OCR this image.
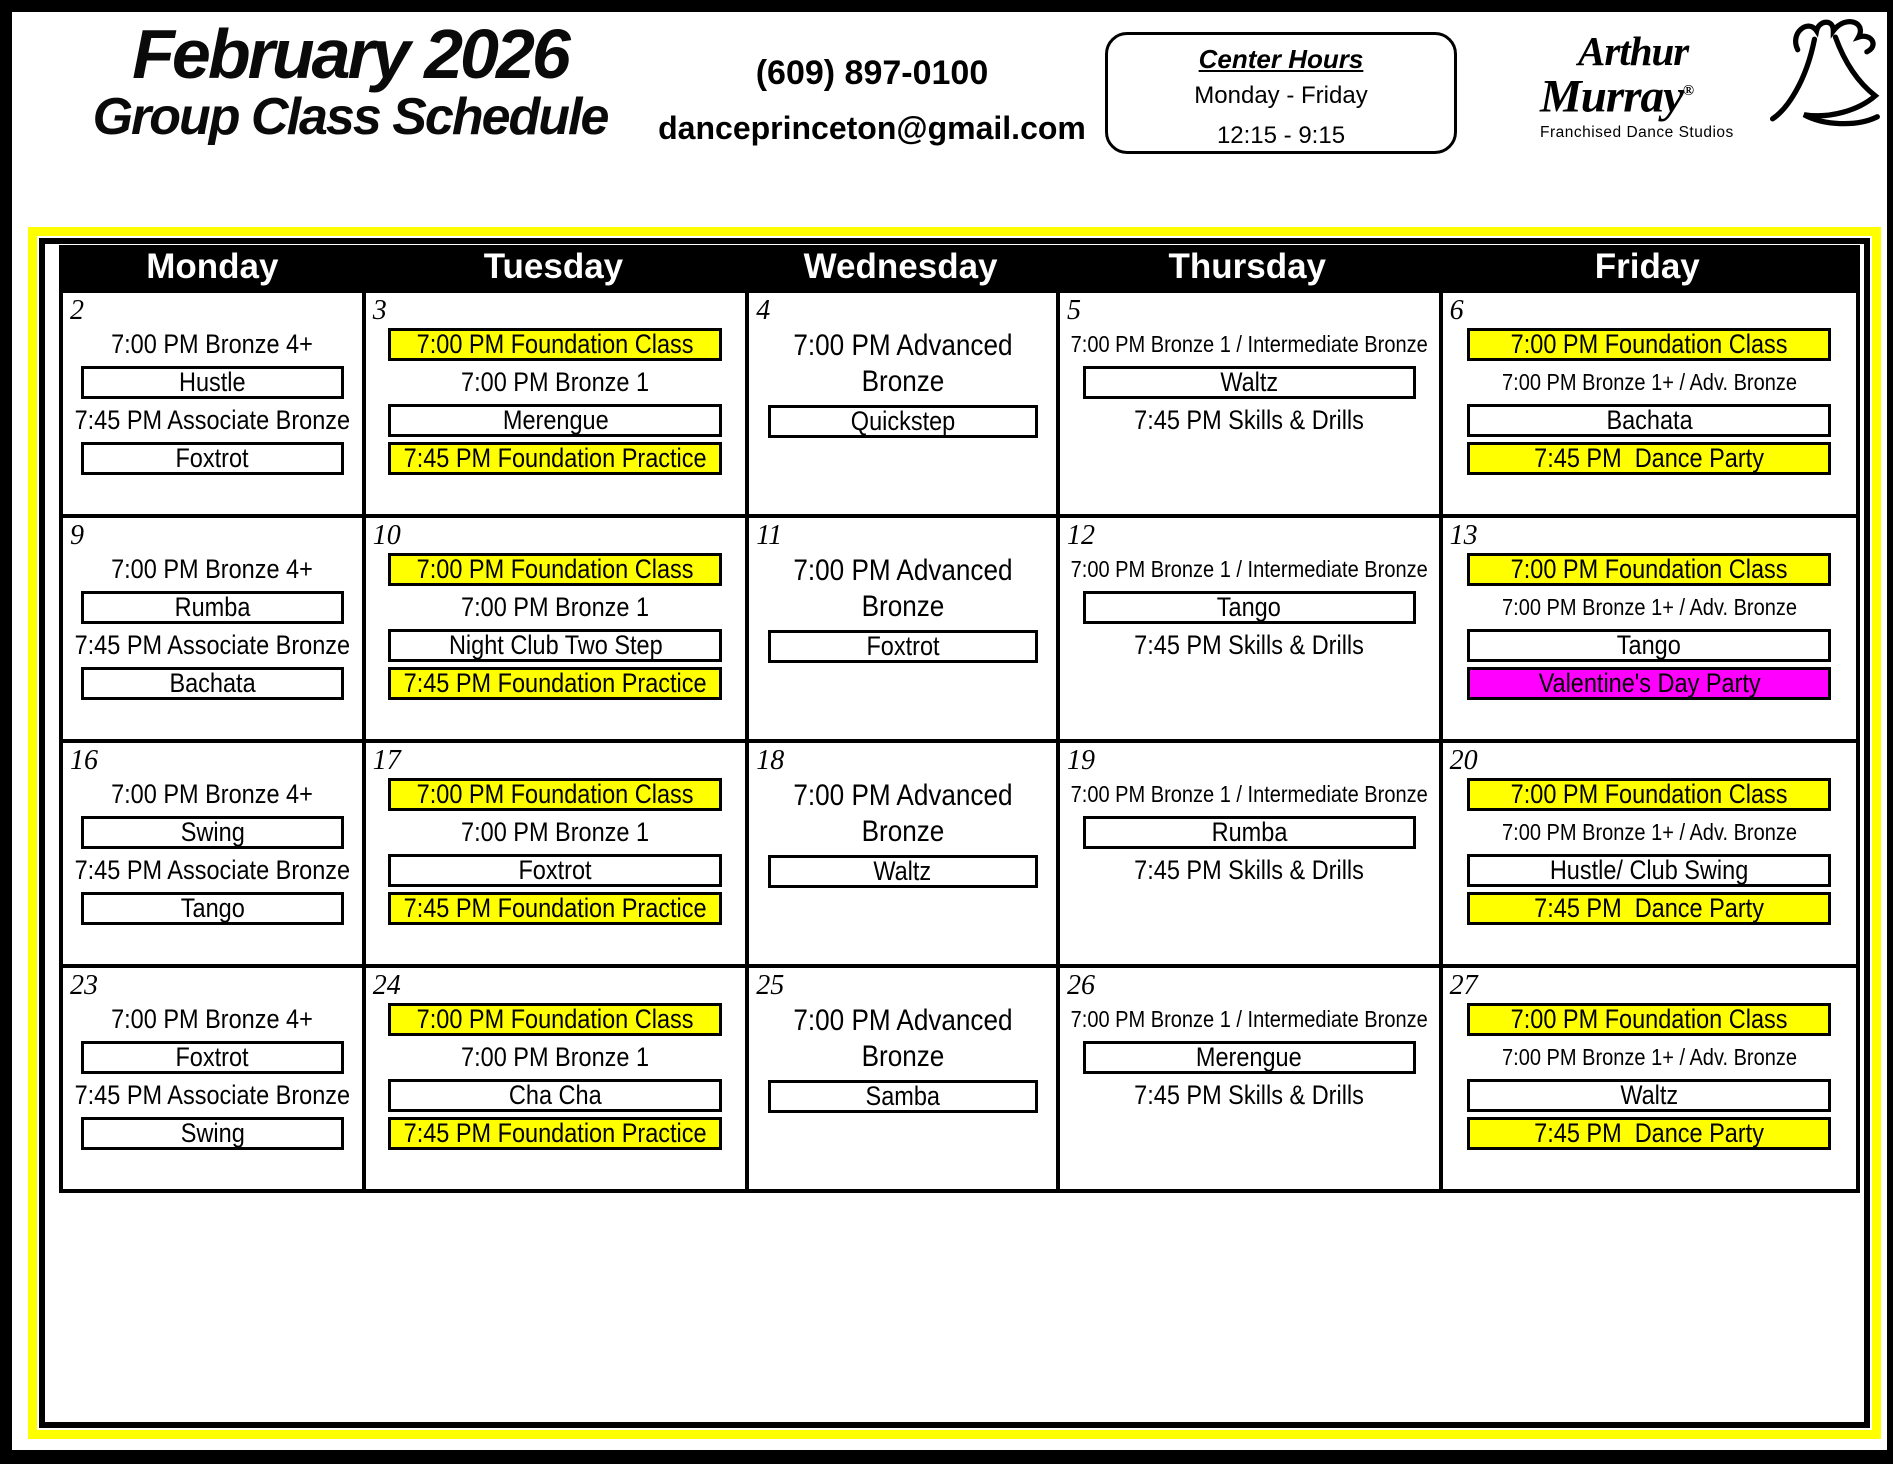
February 2026
Group Class Schedule
(609) 897-0100
danceprinceton@gmail.com
Center Hours
Monday - Friday
12:15 - 9:15
Arthur
Murray®
Franchised Dance Studios
Monday	Tuesday	Wednesday	Thursday	Friday
2
7:00 PM Bronze 4+
Hustle
7:45 PM Associate Bronze
Foxtrot
3
7:00 PM Foundation Class
7:00 PM Bronze 1
Merengue
7:45 PM Foundation Practice
4
7:00 PM Advanced Bronze
Quickstep
5
7:00 PM Bronze 1 / Intermediate Bronze
Waltz
7:45 PM Skills & Drills
6
7:00 PM Foundation Class
7:00 PM Bronze 1+ / Adv. Bronze
Bachata
7:45 PM  Dance Party
9
7:00 PM Bronze 4+
Rumba
7:45 PM Associate Bronze
Bachata
10
7:00 PM Foundation Class
7:00 PM Bronze 1
Night Club Two Step
7:45 PM Foundation Practice
11
7:00 PM Advanced Bronze
Foxtrot
12
7:00 PM Bronze 1 / Intermediate Bronze
Tango
7:45 PM Skills & Drills
13
7:00 PM Foundation Class
7:00 PM Bronze 1+ / Adv. Bronze
Tango
Valentine's Day Party
16
7:00 PM Bronze 4+
Swing
7:45 PM Associate Bronze
Tango
17
7:00 PM Foundation Class
7:00 PM Bronze 1
Foxtrot
7:45 PM Foundation Practice
18
7:00 PM Advanced Bronze
Waltz
19
7:00 PM Bronze 1 / Intermediate Bronze
Rumba
7:45 PM Skills & Drills
20
7:00 PM Foundation Class
7:00 PM Bronze 1+ / Adv. Bronze
Hustle/ Club Swing
7:45 PM  Dance Party
23
7:00 PM Bronze 4+
Foxtrot
7:45 PM Associate Bronze
Swing
24
7:00 PM Foundation Class
7:00 PM Bronze 1
Cha Cha
7:45 PM Foundation Practice
25
7:00 PM Advanced Bronze
Samba
26
7:00 PM Bronze 1 / Intermediate Bronze
Merengue
7:45 PM Skills & Drills
27
7:00 PM Foundation Class
7:00 PM Bronze 1+ / Adv. Bronze
Waltz
7:45 PM  Dance Party
